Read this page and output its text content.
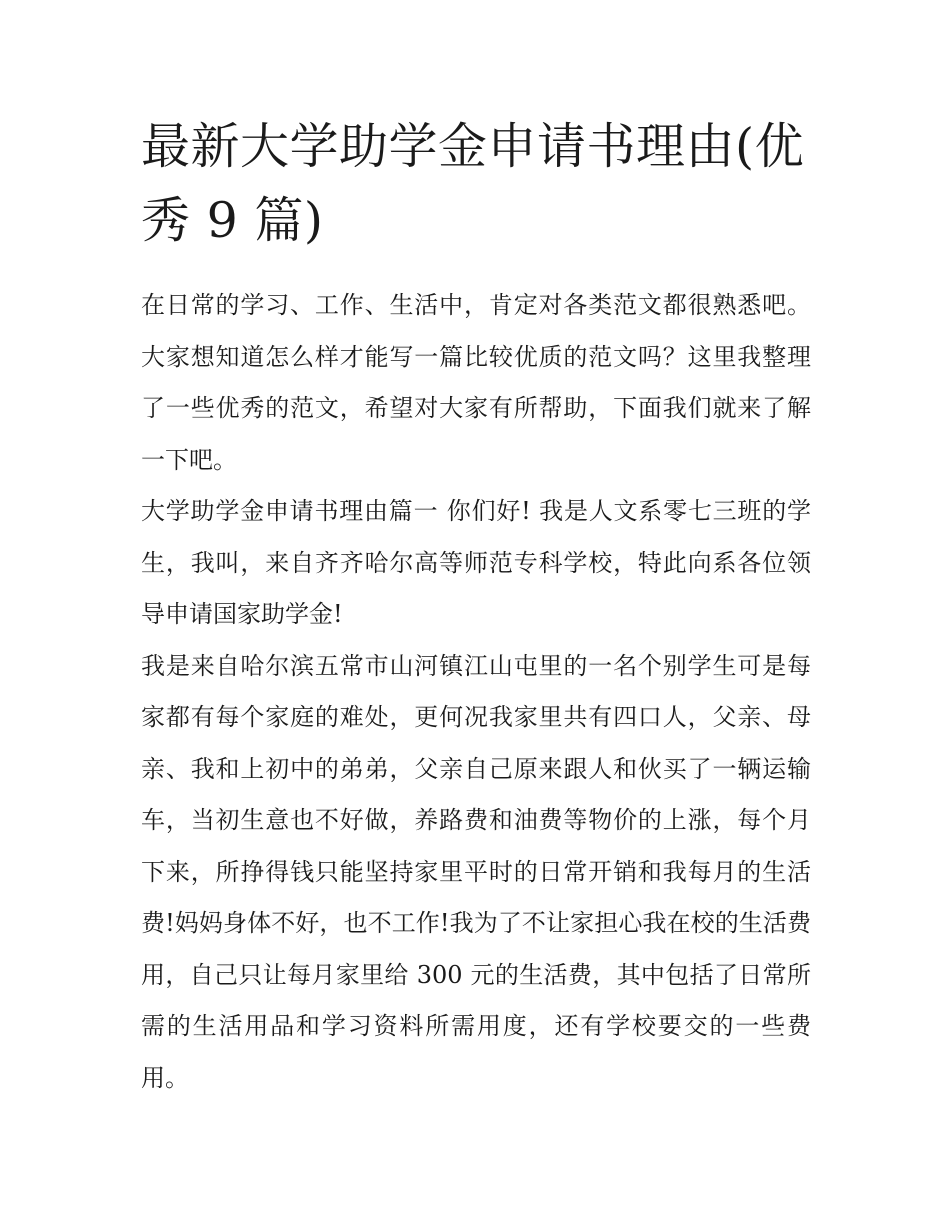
最新大学助学金申请书理由(优秀 9 篇)

在日常的学习、工作、生活中，肯定对各类范文都很熟悉吧。大家想知道怎么样才能写一篇比较优质的范文吗？这里我整理了一些优秀的范文，希望对大家有所帮助，下面我们就来了解一下吧。

大学助学金申请书理由篇一 你们好! 我是人文系零七三班的学生，我叫，来自齐齐哈尔高等师范专科学校，特此向系各位领导申请国家助学金!

我是来自哈尔滨五常市山河镇江山屯里的一名个别学生可是每家都有每个家庭的难处，更何况我家里共有四口人，父亲、母亲、我和上初中的弟弟，父亲自己原来跟人和伙买了一辆运输车，当初生意也不好做，养路费和油费等物价的上涨，每个月下来，所挣得钱只能坚持家里平时的日常开销和我每月的生活费!妈妈身体不好，也不工作!我为了不让家担心我在校的生活费用，自己只让每月家里给 300 元的生活费，其中包括了日常所需的生活用品和学习资料所需用度，还有学校要交的一些费用。
